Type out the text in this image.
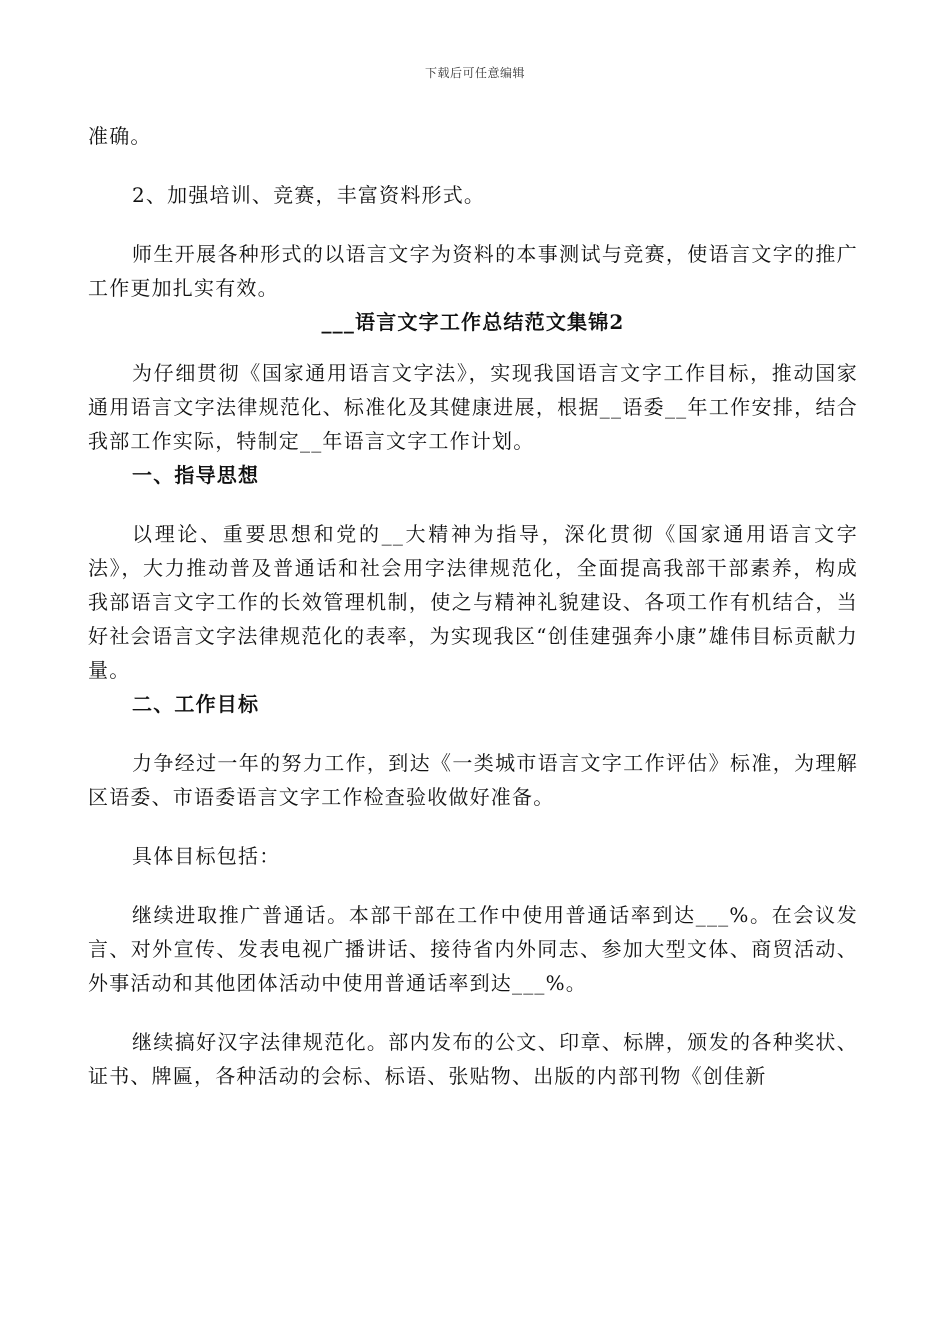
下载后可任意编辑

准确。

2、加强培训、竞赛，丰富资料形式。

师生开展各种形式的以语言文字为资料的本事测试与竞赛，使语言文字的推广工作更加扎实有效。

___语言文字工作总结范文集锦2

为仔细贯彻《国家通用语言文字法》，实现我国语言文字工作目标，推动国家通用语言文字法律规范化、标准化及其健康进展，根据__语委__年工作安排，结合我部工作实际，特制定__年语言文字工作计划。

一、指导思想

以理论、重要思想和党的__大精神为指导，深化贯彻《国家通用语言文字法》，大力推动普及普通话和社会用字法律规范化，全面提高我部干部素养，构成我部语言文字工作的长效管理机制，使之与精神礼貌建设、各项工作有机结合，当好社会语言文字法律规范化的表率，为实现我区“创佳建强奔小康”雄伟目标贡献力量。

二、工作目标

力争经过一年的努力工作，到达《一类城市语言文字工作评估》标准，为理解区语委、市语委语言文字工作检查验收做好准备。

具体目标包括：

继续进取推广普通话。本部干部在工作中使用普通话率到达___%。在会议发言、对外宣传、发表电视广播讲话、接待省内外同志、参加大型文体、商贸活动、外事活动和其他团体活动中使用普通话率到达___%。

继续搞好汉字法律规范化。部内发布的公文、印章、标牌，颁发的各种奖状、证书、牌匾，各种活动的会标、标语、张贴物、出版的内部刊物《创佳新
